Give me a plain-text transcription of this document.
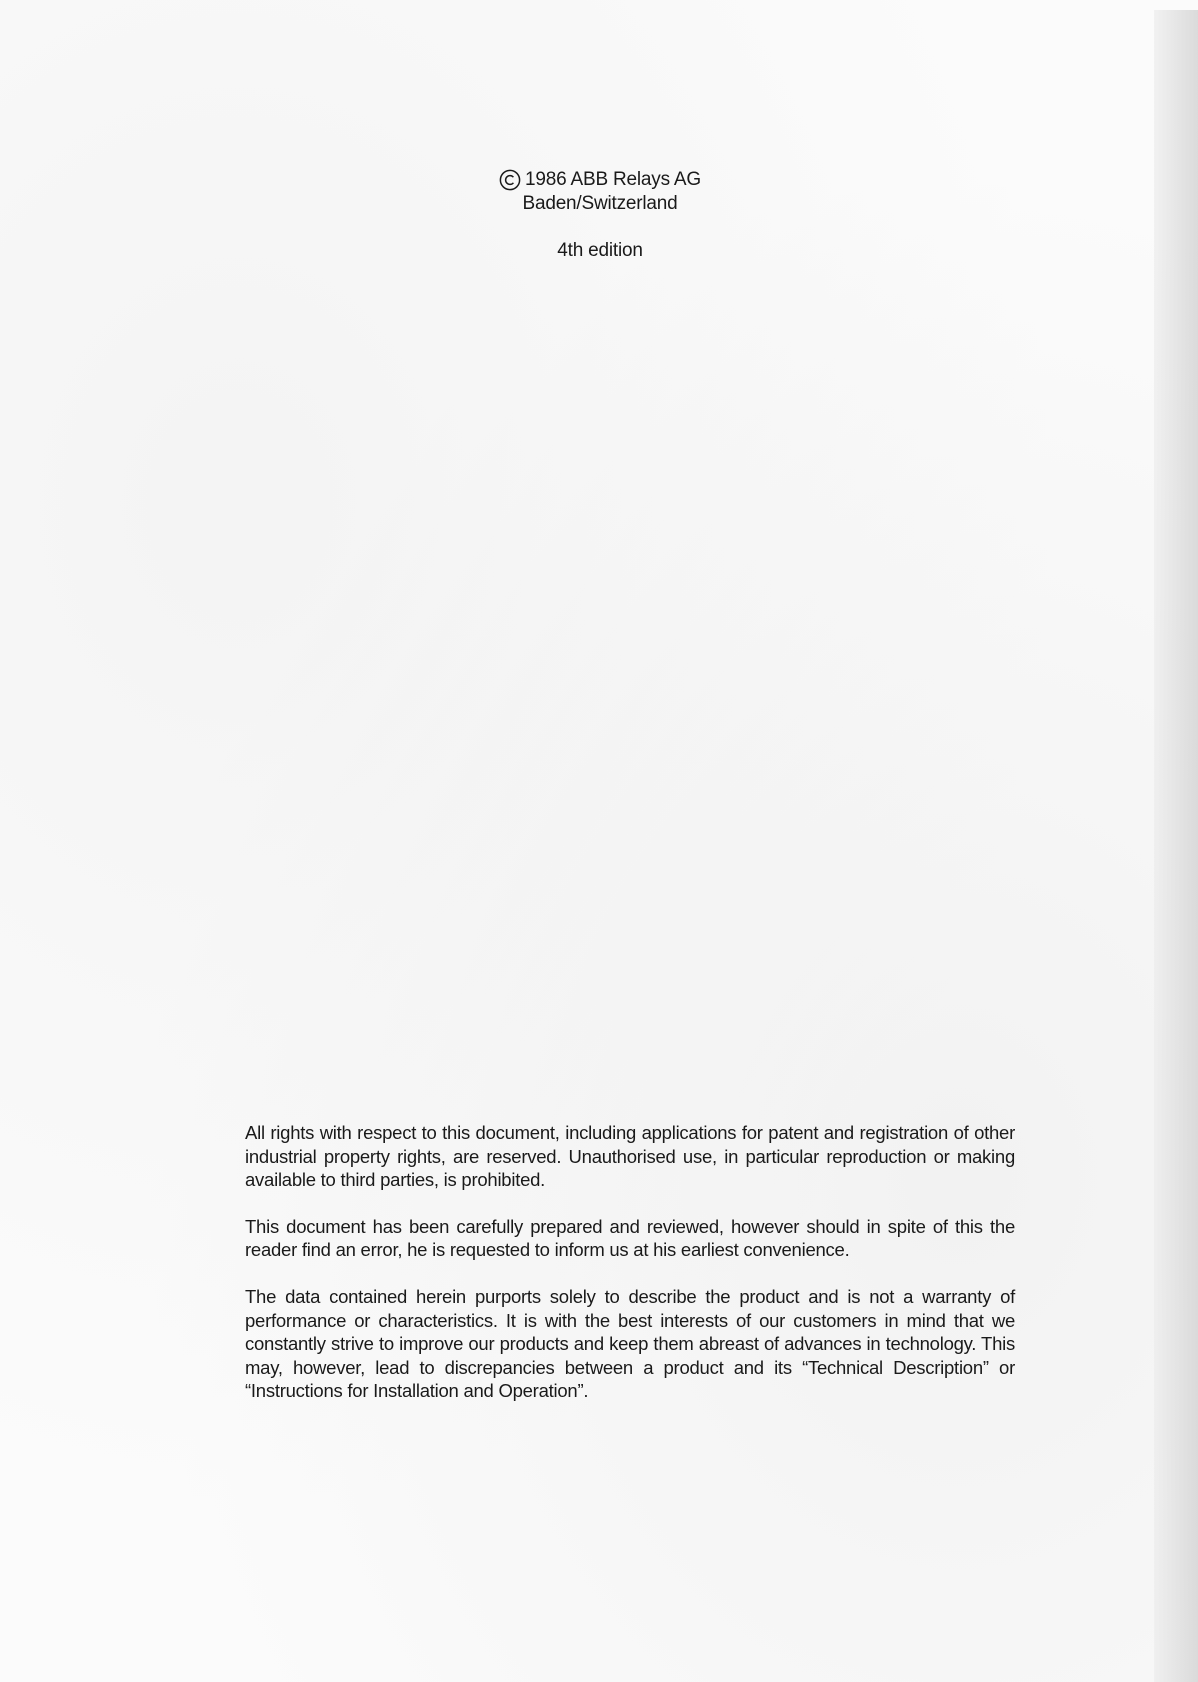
1986 ABB Relays AG
Baden/Switzerland
4th edition

All rights with respect to this document, including applications for patent and registration of other industrial property rights, are reserved. Unauthorised use, in particular reproduction or making available to third parties, is prohibited.

This document has been carefully prepared and reviewed, however should in spite of this the reader find an error, he is requested to inform us at his earliest convenience.

The data contained herein purports solely to describe the product and is not a warranty of performance or characteristics. It is with the best interests of our customers in mind that we constantly strive to improve our products and keep them abreast of advances in technology. This may, however, lead to discrepancies between a product and its “Technical Description” or “Instructions for Installation and Operation”.
